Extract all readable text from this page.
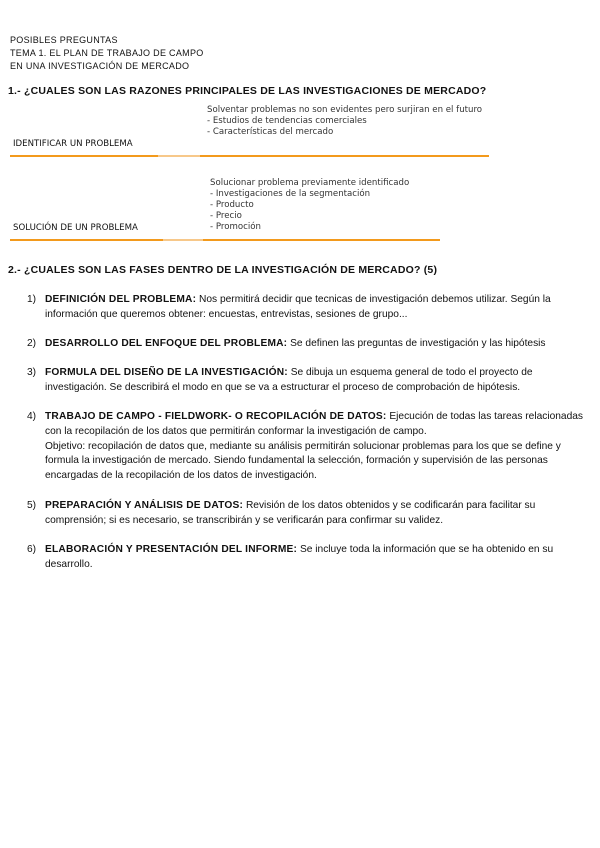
POSIBLES PREGUNTAS
TEMA 1. EL PLAN DE TRABAJO DE CAMPO
EN UNA INVESTIGACIÓN DE MERCADO
1.- ¿CUALES SON LAS RAZONES PRINCIPALES DE LAS INVESTIGACIONES DE MERCADO?
Solventar problemas no son evidentes pero surjiran en el futuro
- Estudios de tendencias comerciales
- Características del mercado
IDENTIFICAR UN PROBLEMA
Solucionar problema previamente identificado
- Investigaciones de la segmentación
- Producto
- Precio
- Promoción
SOLUCIÓN DE UN PROBLEMA
2.- ¿CUALES SON LAS FASES DENTRO DE LA INVESTIGACIÓN DE MERCADO? (5)
1) DEFINICIÓN DEL PROBLEMA: Nos permitirá decidir que tecnicas de investigación debemos utilizar. Según la información que queremos obtener: encuestas, entrevistas, sesiones de grupo...
2) DESARROLLO DEL ENFOQUE DEL PROBLEMA: Se definen las preguntas de investigación y las hipótesis
3) FORMULA DEL DISEÑO DE LA INVESTIGACIÓN: Se dibuja un esquema general de todo el proyecto de investigación. Se describirá el modo en que se va a estructurar el proceso de comprobación de hipótesis.
4) TRABAJO DE CAMPO - FIELDWORK- O RECOPILACIÓN DE DATOS: Ejecución de todas las tareas relacionadas con la recopilación de los datos que permitirán conformar la investigación de campo.
Objetivo: recopilación de datos que, mediante su análisis permitirán solucionar problemas para los que se define y formula la investigación de mercado. Siendo fundamental la selección, formación y supervisión de las personas encargadas de la recopilación de los datos de investigación.
5) PREPARACIÓN Y ANÁLISIS DE DATOS: Revisión de los datos obtenidos y se codificarán para facilitar su comprensión; si es necesario, se transcribirán y se verificarán para confirmar su validez.
6) ELABORACIÓN Y PRESENTACIÓN DEL INFORME: Se incluye toda la información que se ha obtenido en su desarrollo.
